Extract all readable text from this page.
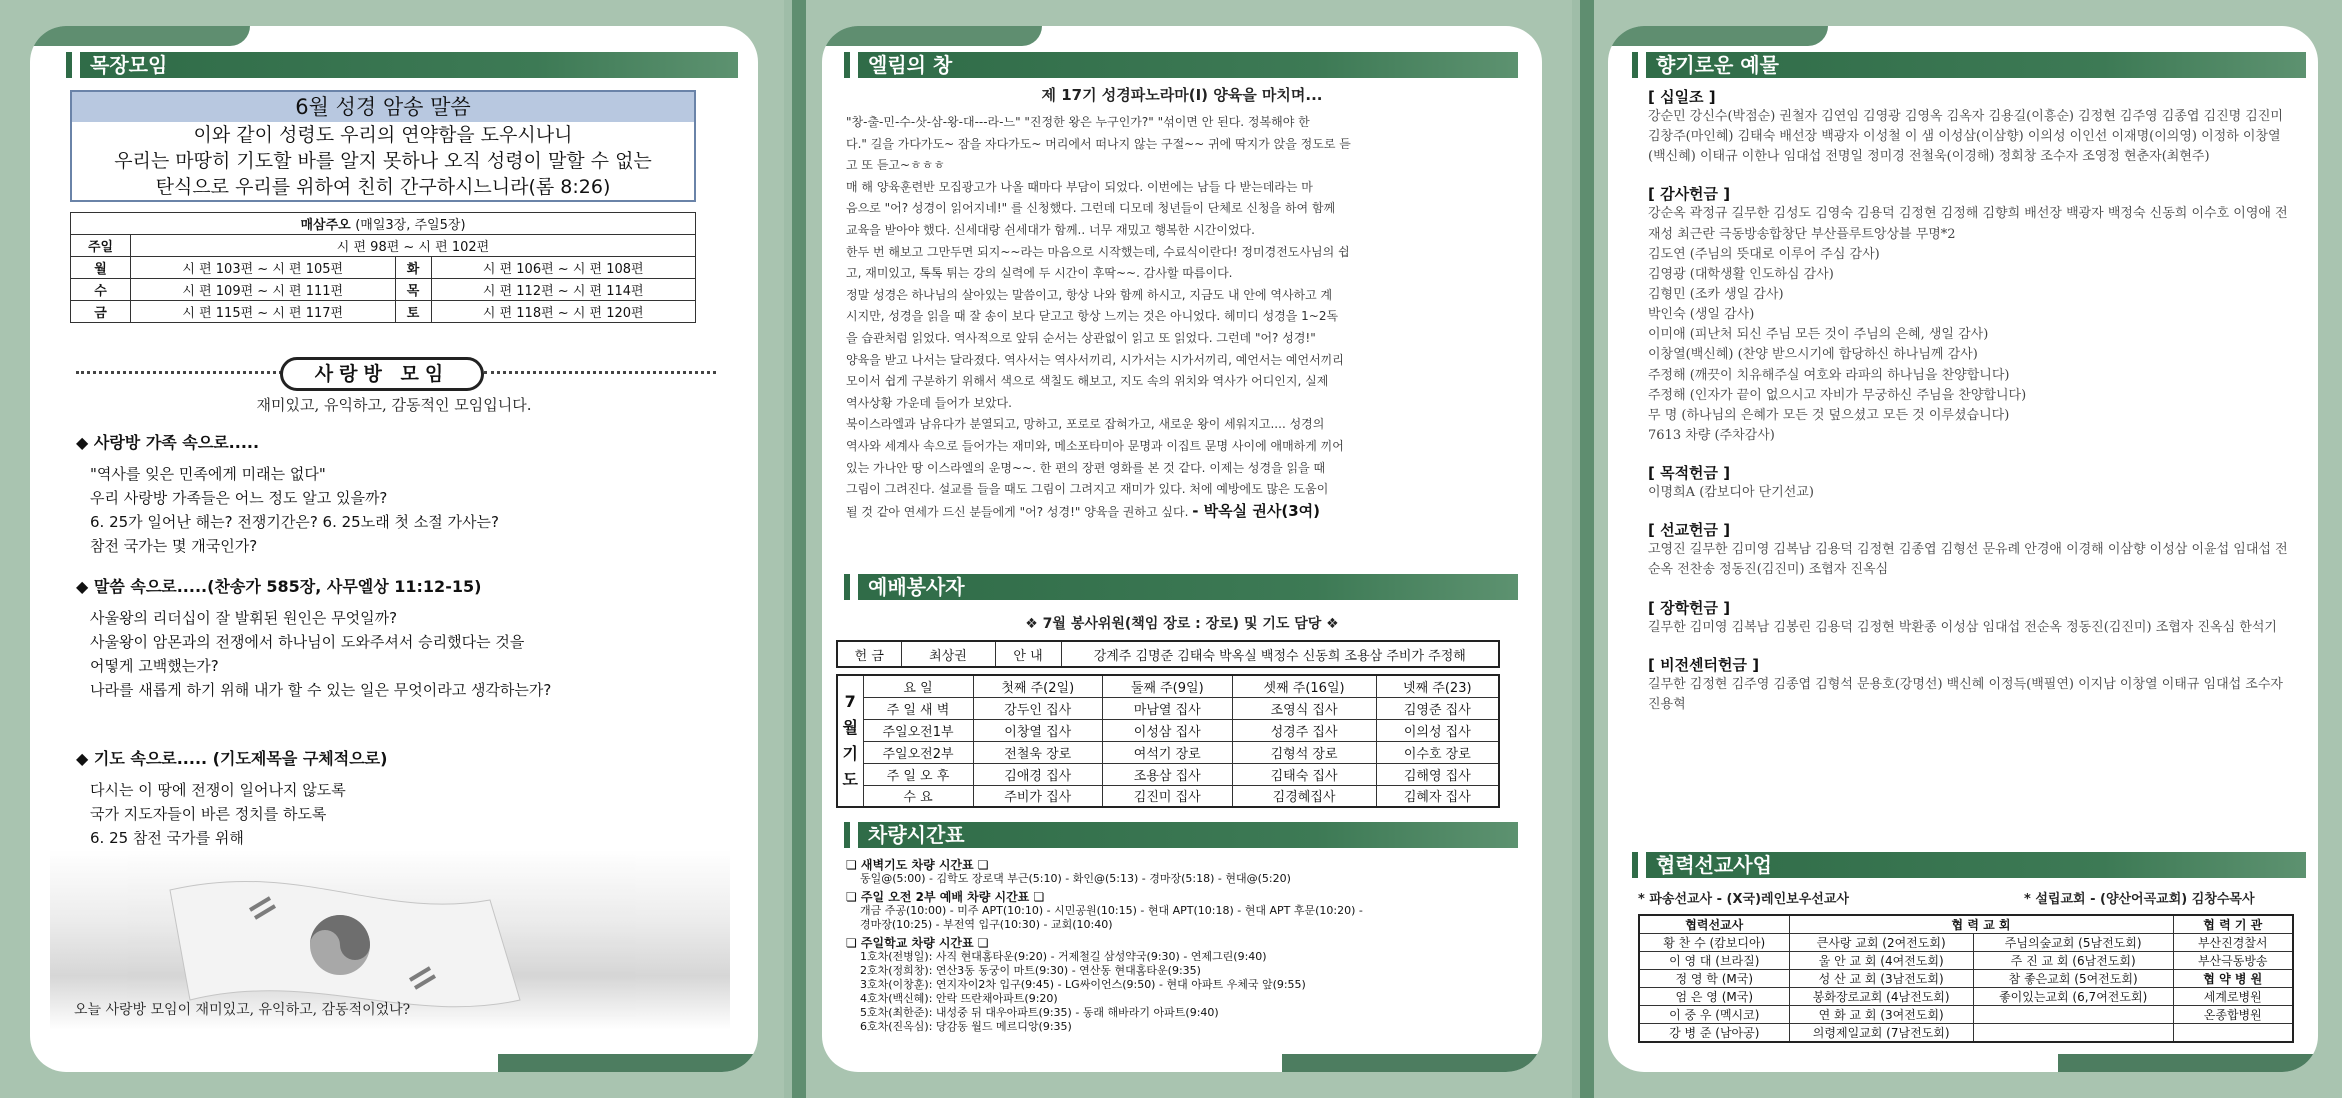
목장모임
6월 성경 암송 말씀
이와 같이 성령도 우리의 연약함을 도우시나니
우리는 마땅히 기도할 바를 알지 못하나 오직 성령이 말할 수 없는
탄식으로 우리를 위하여 친히 간구하시느니라(롬 8:26)
매삼주오 (매일3장, 주일5장)			
주일	시 편 98편 ~ 시 편 102편		
월	시 편 103편 ~ 시 편 105편	화	시 편 106편 ~ 시 편 108편
수	시 편 109편 ~ 시 편 111편	목	시 편 112편 ~ 시 편 114편
금	시 편 115편 ~ 시 편 117편	토	시 편 118편 ~ 시 편 120편
사랑방 모임
재미있고, 유익하고, 감동적인 모임입니다.
◆ 사랑방 가족 속으로.....
"역사를 잊은 민족에게 미래는 없다"
우리 사랑방 가족들은 어느 정도 알고 있을까?
6. 25가 일어난 해는? 전쟁기간은? 6. 25노래 첫 소절 가사는?
참전 국가는 몇 개국인가?
◆ 말씀 속으로.....(찬송가 585장, 사무엘상 11:12-15)
사울왕의 리더십이 잘 발휘된 원인은 무엇일까?
사울왕이 암몬과의 전쟁에서 하나님이 도와주셔서 승리했다는 것을
어떻게 고백했는가?
나라를 새롭게 하기 위해 내가 할 수 있는 일은 무엇이라고 생각하는가?
◆ 기도 속으로..... (기도제목을 구체적으로)
다시는 이 땅에 전쟁이 일어나지 않도록
국가 지도자들이 바른 정치를 하도록
6. 25 참전 국가를 위해
오늘 사랑방 모임이 재미있고, 유익하고, 감동적이었나?
엘림의 창
제 17기 성경파노라마(Ⅰ) 양육을 마치며...
"창-출-민-수-삿-삼-왕-대---라-느" "진정한 왕은 누구인가?" "섞이면 안 된다. 정복해야 한
다." 길을 가다가도~ 잠을 자다가도~ 머리에서 떠나지 않는 구절~~ 귀에 딱지가 앉을 정도로 듣
고 또 듣고~ㅎㅎㅎ
매 해 양육훈련반 모집광고가 나올 때마다 부담이 되었다. 이번에는 남들 다 받는데라는 마
음으로 "어? 성경이 읽어지네!" 를 신청했다. 그런데 디모데 청년들이 단체로 신청을 하여 함께
교육을 받아야 했다. 신세대랑 쉰세대가 함께.. 너무 재밌고 행복한 시간이었다.
한두 번 해보고 그만두면 되지~~라는 마음으로 시작했는데, 수료식이란다! 정미경전도사님의 쉽
고, 재미있고, 톡톡 튀는 강의 실력에 두 시간이 후딱~~. 감사할 따름이다.
정말 성경은 하나님의 살아있는 말씀이고, 항상 나와 함께 하시고, 지금도 내 안에 역사하고 계
시지만, 성경을 읽을 때 잘 송이 보다 닫고고 항상 느끼는 것은 아니었다. 헤미디 성경을 1~2독
을 습관처럼 읽었다. 역사적으로 앞뒤 순서는 상관없이 읽고 또 읽었다. 그런데 "어? 성경!"
양육을 받고 나서는 달라졌다. 역사서는 역사서끼리, 시가서는 시가서끼리, 예언서는 예언서끼리
모이서 쉽게 구분하기 위해서 색으로 색칠도 해보고, 지도 속의 위치와 역사가 어디인지, 실제
역사상황 가운데 들어가 보았다.
북이스라엘과 남유다가 분열되고, 망하고, 포로로 잡혀가고, 새로운 왕이 세워지고.... 성경의
역사와 세계사 속으로 들어가는 재미와, 메소포타미아 문명과 이집트 문명 사이에 애매하게 끼어
있는 가나안 땅 이스라엘의 운명~~. 한 편의 장편 영화를 본 것 같다. 이제는 성경을 읽을 때
그림이 그려진다. 설교를 들을 때도 그림이 그려지고 재미가 있다. 처에 예방에도 많은 도움이
될 것 같아 연세가 드신 분들에게 "어? 성경!" 양육을 권하고 싶다. - 박옥실 권사(3여)
예배봉사자
❖ 7월 봉사위원(책임 장로 : 장로) 및 기도 담당 ❖
헌 금	최상권	안 내	강계주 김명준 김태숙 박옥실 백정수 신동희 조용삼 주비가 주정해
7 월 기 도	요 일	첫째 주(2일)	둘째 주(9일)	셋째 주(16일)	넷째 주(23)
	주 일 새 벽	강두인 집사	마남열 집사	조영식 집사	김영준 집사
	주일오전1부	이창열 집사	이성삼 집사	성경주 집사	이의성 집사
	주일오전2부	전철욱 장로	여석기 장로	김형석 장로	이수호 장로
	주 일 오 후	김애경 집사	조용삼 집사	김태숙 집사	김해영 집사
	수 요	주비가 집사	김진미 집사	김경혜집사	김혜자 집사
차량시간표
❏ 새벽기도 차량 시간표 ❏
동일@(5:00) - 김학도 장로댁 부근(5:10) - 화인@(5:13) - 경마장(5:18) - 현대@(5:20)
❏ 주일 오전 2부 예배 차량 시간표 ❏
개금 주공(10:00) - 미주 APT(10:10) - 시민공원(10:15) - 현대 APT(10:18) - 현대 APT 후문(10:20) -
경마장(10:25) - 부전역 입구(10:30) - 교회(10:40)
❏ 주일학교 차량 시간표 ❏
1호차(전병일): 사직 현대홈타운(9:20) - 거제철길 삼성약국(9:30) - 연제그린(9:40)
2호차(정희창): 연산3동 동궁이 마트(9:30) - 연산동 현대홈타운(9:35)
3호차(이창훈): 연지자이2차 입구(9:45) - LG싸이언스(9:50) - 현대 아파트 우체국 앞(9:55)
4호차(백신혜): 안락 뜨란채아파트(9:20)
5호차(최한준): 내성중 뒤 대우아파트(9:35) - 동래 해바라기 아파트(9:40)
6호차(진옥심): 당감동 월드 메르디앙(9:35)
향기로운 예물
[ 십일조 ]
강순민 강신수(박점순) 권철자 김연임 김영광 김영옥 김옥자 김용길(이흥순) 김정현 김주영 김종엽 김진명 김진미 김창주(마인혜) 김태숙 배선장 백광자 이성철 이 샘 이성삼(이삼향) 이의성 이인선 이재명(이의영) 이정하 이창열(백신혜) 이태규 이한나 임대섭 전명일 정미경 전철욱(이경해) 정회창 조수자 조영정 현춘자(최현주)
[ 감사헌금 ]
강순옥 곽정규 길무한 김성도 김영숙 김용덕 김정현 김정해 김향희 배선장 백광자 백정숙 신동희 이수호 이영애 전재성 최근란 극동방송합창단 부산플루트앙상블 무명*2
김도연 (주님의 뜻대로 이루어 주심 감사)
김영광 (대학생활 인도하심 감사)
김형민 (조카 생일 감사)
박인숙 (생일 감사)
이미애 (피난처 되신 주님 모든 것이 주님의 은혜, 생일 감사)
이창열(백신혜) (찬양 받으시기에 합당하신 하나님께 감사)
주정해 (깨끗이 치유해주실 여호와 라파의 하나님을 찬양합니다)
주정해 (인자가 끝이 없으시고 자비가 무궁하신 주님을 찬양합니다)
무 명 (하나님의 은혜가 모든 것 덮으셨고 모든 것 이루셨습니다)
7613 차량 (주차감사)
[ 목적헌금 ]
이명희A (캄보디아 단기선교)
[ 선교헌금 ]
고영진 길무한 김미영 김복남 김용덕 김정현 김종엽 김형선 문유례 안경애 이경해 이삼향 이성삼 이윤섭 임대섭 전순옥 전찬송 정동진(김진미) 조협자 진옥심
[ 장학헌금 ]
길무한 김미영 김복남 김봉린 김용덕 김정현 박환종 이성삼 임대섭 전순옥 정동진(김진미) 조협자 진옥심 한석기
[ 비전센터헌금 ]
길무한 김정현 김주영 김종엽 김형석 문용호(강명선) 백신혜 이정득(백필연) 이지남 이창열 이태규 임대섭 조수자 진용혁
협력선교사업
* 파송선교사 - (X국)레인보우선교사	* 설립교회 - (양산어곡교회) 김창수목사
협력선교사	협 력 교 회		협 력 기 관
황 찬 수 (캄보디아)	큰사랑 교회 (2여전도회)	주님의숲교회 (5남전도회)	부산진경찰서
이 영 대 (브라질)	울 안 교 회 (4여전도회)	주 진 교 회 (6남전도회)	부산극동방송
정 영 학 (M국)	성 산 교 회 (3남전도회)	참 좋은교회 (5여전도회)	협 약 병 원
엄 은 영 (M국)	봉화장로교회 (4남전도회)	좋이있는교회 (6,7여전도회)	세계로병원
이 중 우 (멕시코)	연 화 교 회 (3여전도회)		온종합병원
강 병 준 (남아공)	의령제일교회 (7남전도회)		
